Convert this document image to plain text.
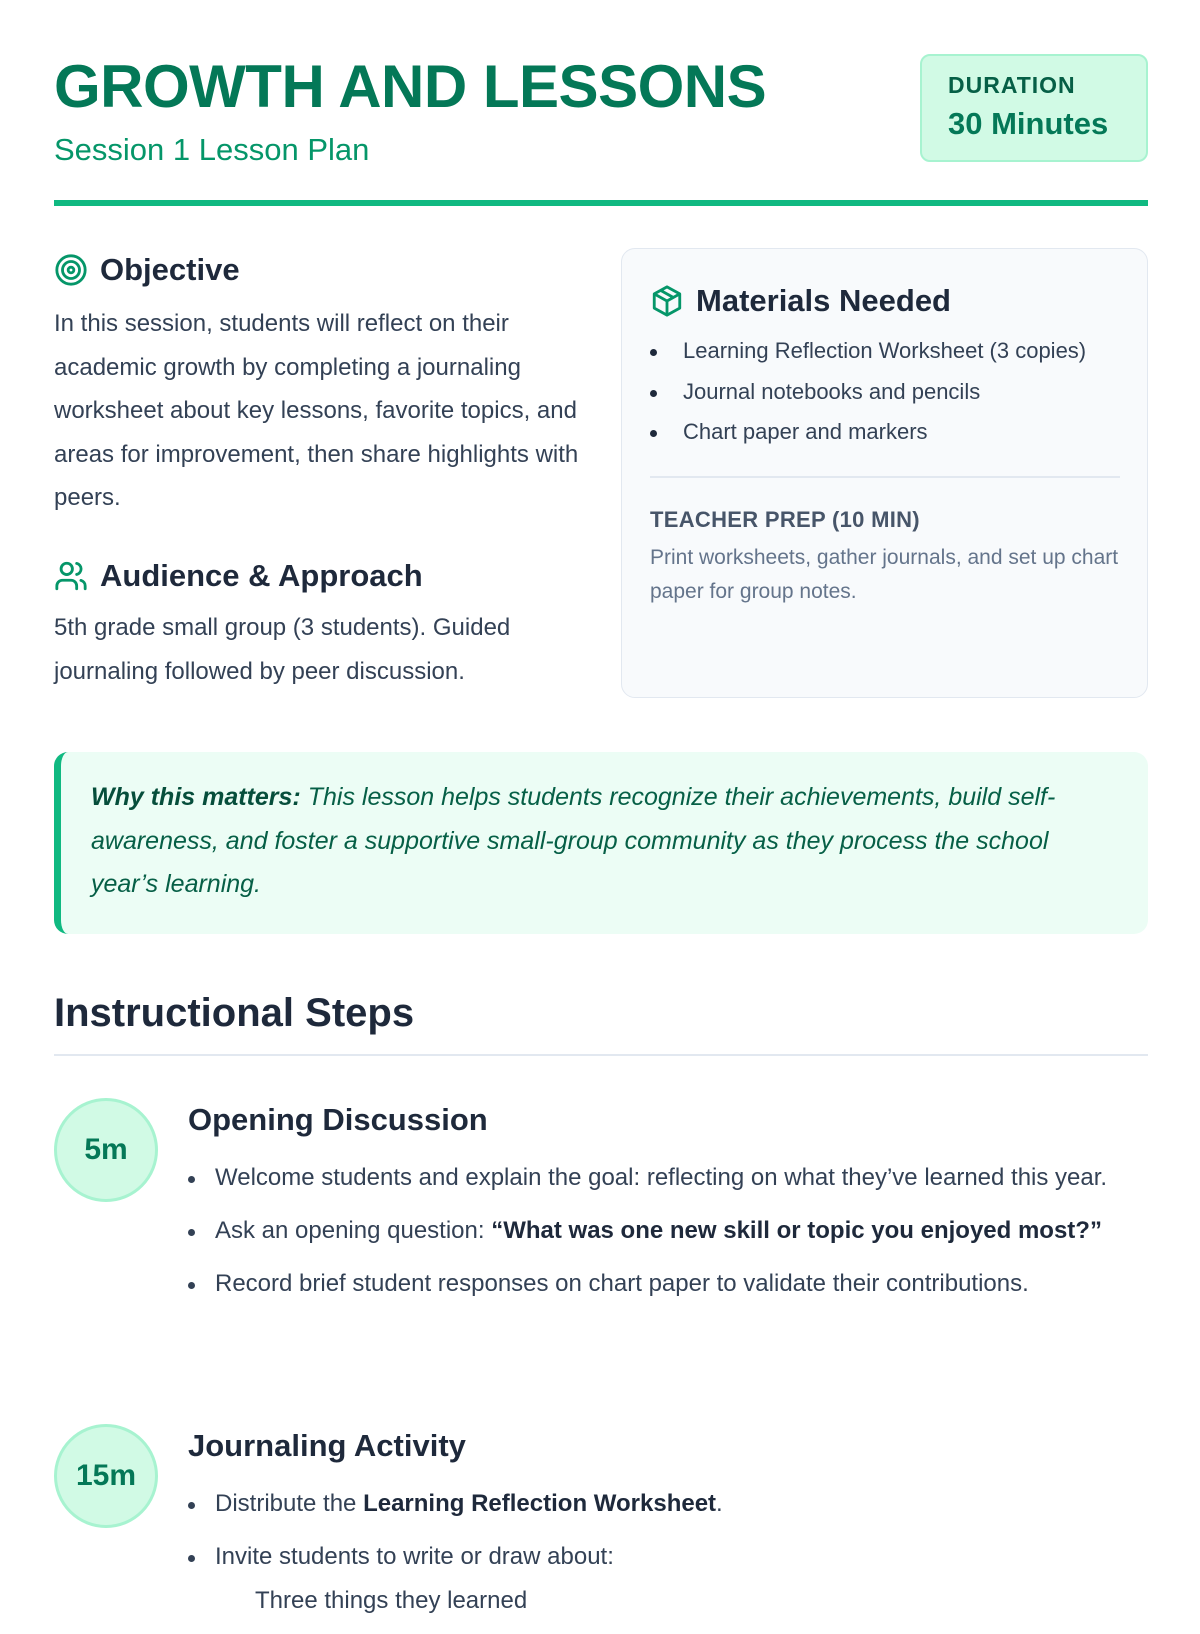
GROWTH AND LESSONS
Session 1 Lesson Plan
DURATION
30 Minutes
Objective

In this session, students will reflect on their academic growth by completing a journaling worksheet about key lessons, favorite topics, and areas for improvement, then share highlights with peers.

Audience & Approach

5th grade small group (3 students). Guided journaling followed by peer discussion.

Materials Needed
Learning Reflection Worksheet (3 copies)
Journal notebooks and pencils
Chart paper and markers
TEACHER PREP (10 MIN)

Print worksheets, gather journals, and set up chart paper for group notes.

Why this matters: This lesson helps students recognize their achievements, build self-awareness, and foster a supportive small-group community as they process the school year’s learning.

Instructional Steps
5m
Opening Discussion
Welcome students and explain the goal: reflecting on what they’ve learned this year.
Ask an opening question: “What was one new skill or topic you enjoyed most?”
Record brief student responses on chart paper to validate their contributions.
15m
Journaling Activity
Distribute the Learning Reflection Worksheet.
Invite students to write or draw about:
Three things they learned
